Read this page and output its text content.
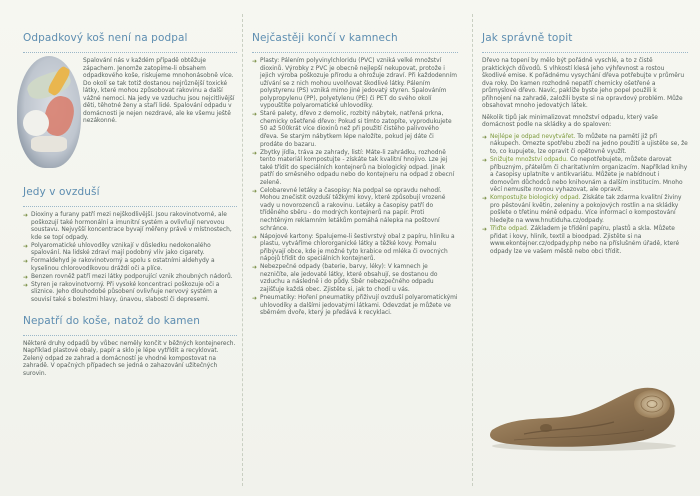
Odpadkový koš není na podpal

Spalování nás v každém případě obtěžuje zápachem. Jenomže zatopíme-li obsahem odpadkového koše, riskujeme mnohonásobně více. Do okolí se tak totiž dostanou nejrůznější toxické látky, které mohou způsobovat rakovinu a další vážné nemoci. Na jedy ve vzduchu jsou nejcitlivější děti, těhotné ženy a staří lidé. Spalování odpadu v domácnosti je nejen nezdravé, ale ke všemu ještě nezákonné.

Jedy v ovzduší
➜ Dioxiny a furany patří mezi nejškodlivější. Jsou rakovinotvorné, ale poškozují také hormonální a imunitní systém a ovlivňují nervovou soustavu. Nejvyšší koncentrace byvají měřeny právě v místnostech, kde se topí odpady.
➜ Polyaromatické uhlovodíky vznikají v důsledku nedokonalého spalování. Na lidské zdraví mají podobný vliv jako cigarety.
➜ Formaldehyd je rakovinotvorný a spolu s ostatními aldehydy a kyselinou chlorovodíkovou dráždí oči a plíce.
➜ Benzen rovněž patří mezi látky podporující vznik zhoubných nádorů.
➜ Styren je rakovinotvorný. Při vysoké koncentraci poškozuje oči a sliznice. Jeho dlouhodobé působení ovlivňuje nervový systém a souvisí také s bolestmi hlavy, únavou, slabostí či depresemi.
Nepatří do koše, natož do kamen

Některé druhy odpadů by vůbec neměly končit v běžných kontejnerech. Například plastové obaly, papír a sklo je lépe vytřídit a recyklovat. Zelený odpad ze zahrad a domácností je vhodné kompostovat na zahradě. V opačných případech se jedná o zahazování užitečných surovin.

Nejčastěji končí v kamnech
➜ Plasty: Pálením polyvinylchloridu (PVC) vzniká velké množství dioxinů. Výrobky z PVC je obecně nejlepší nekupovat, protože i jejich výroba poškozuje přírodu a ohrožuje zdraví. Při každodenním užívání se z nich mohou uvolňovat škodlivé látky. Pálením polystyrenu (PS) vzniká mimo jiné jedovatý styren. Spalováním polypropylenu (PP), polyetylenu (PE) či PET do svého okolí vypouštíte polyaromatické uhlovodíky.
➜ Staré palety, dřevo z demolic, rozbitý nábytek, natřená prkna, chemicky ošetřené dřevo: Pokud si tímto zatopíte, vyprodukujete 50 až 500krát více dioxinů než při použití čistého palivového dřeva. Se starým nábytkem lépe naložíte, pokud jej dáte či prodáte do bazaru.
➜ Zbytky jídla, tráva ze zahrady, listí: Máte-li zahrádku, rozhodně tento materiál kompostujte - získáte tak kvalitní hnojivo. Lze jej také třídit do speciálních kontejnerů na biologický odpad. Jinak patří do směsného odpadu nebo do kontejneru na odpad z obecní zeleně.
➜ Celobarevné letáky a časopisy: Na podpal se opravdu nehodí. Mohou znečistit ovzduší těžkými kovy, které způsobují vrozené vady u novorozenců a rakovinu. Letáky a časopisy patří do tříděného sběru - do modrých kontejnerů na papír. Proti nechtěným reklamním letákům pomáhá nálepka na poštovní schránce.
➜ Nápojové kartony: Spalujeme-li šestivrstvý obal z papíru, hliníku a plastu, vytváříme chlororganické látky a těžké kovy. Pomalu přibývají obce, kde je možné tyto krabice od mléka či ovocných nápojů třídit do speciálních kontejnerů.
➜ Nebezpečné odpady (baterie, barvy, léky): V kamnech je nezničíte, ale jedovaté látky, které obsahují, se dostanou do vzduchu a následně i do půdy. Sběr nebezpečného odpadu zajišťuje každá obec. Zjistěte si, jak to chodí u vás.
➜ Pneumatiky: Hoření pneumatiky přiživují ovzduší polyaromatickými uhlovodíky a dalšími jedovatými látkami. Odevzdat je můžete ve sběrném dvoře, který je předává k recyklaci.
Jak správně topit

Dřevo na topení by mělo být pořádně vyschlé, a to z čistě praktických důvodů. S vlhkostí klesá jeho výhřevnost a rostou škodlivé emise. K pořádnému vysychání dřeva potřebujte v průměru dva roky. Do kamen rozhodně nepatří chemicky ošetřené a průmyslové dřevo. Navíc, pakliže byste jeho popel použili k přihnojení na zahradě, založili byste si na opravdový problém. Může obsahovat mnoho jedovatých látek.

Několik tipů jak minimalizovat množství odpadu, který vaše domácnost podle na skládky a do spaloven:

➜ Nejlépe je odpad nevytvářet. To můžete na pamětí již při nákupech. Omezte spotřebu zboží na jedno použití a ujistěte se, že to, co kupujete, lze opravit či opětovně využít.
➜ Snižujte množství odpadu. Co nepotřebujete, můžete darovat příbuzným, přátelům či charitativním organizacím. Například knihy a časopisy uplatníte v antikvariátu. Můžete je nabídnout i domovům důchodců nebo knihovnám a dalším institucím. Mnoho věcí nemusíte rovnou vyhazovat, ale opravit.
➜ Kompostujte biologický odpad. Získáte tak zdarma kvalitní živiny pro pěstování květin, zeleniny a pokojových rostlin a na skládky pošlete o třetinu méně odpadu. Více informací o kompostování hledejte na www.hnutiduha.cz/odpady.
➜ Třiďte odpad. Základem je třídění papíru, plastů a skla. Můžete přidat i kovy, hliník, textil a bioodpad. Zjistěte si na www.ekontejner.cz/odpady.php nebo na příslušném úřadě, které odpady lze ve vašem městě nebo obci třídit.
